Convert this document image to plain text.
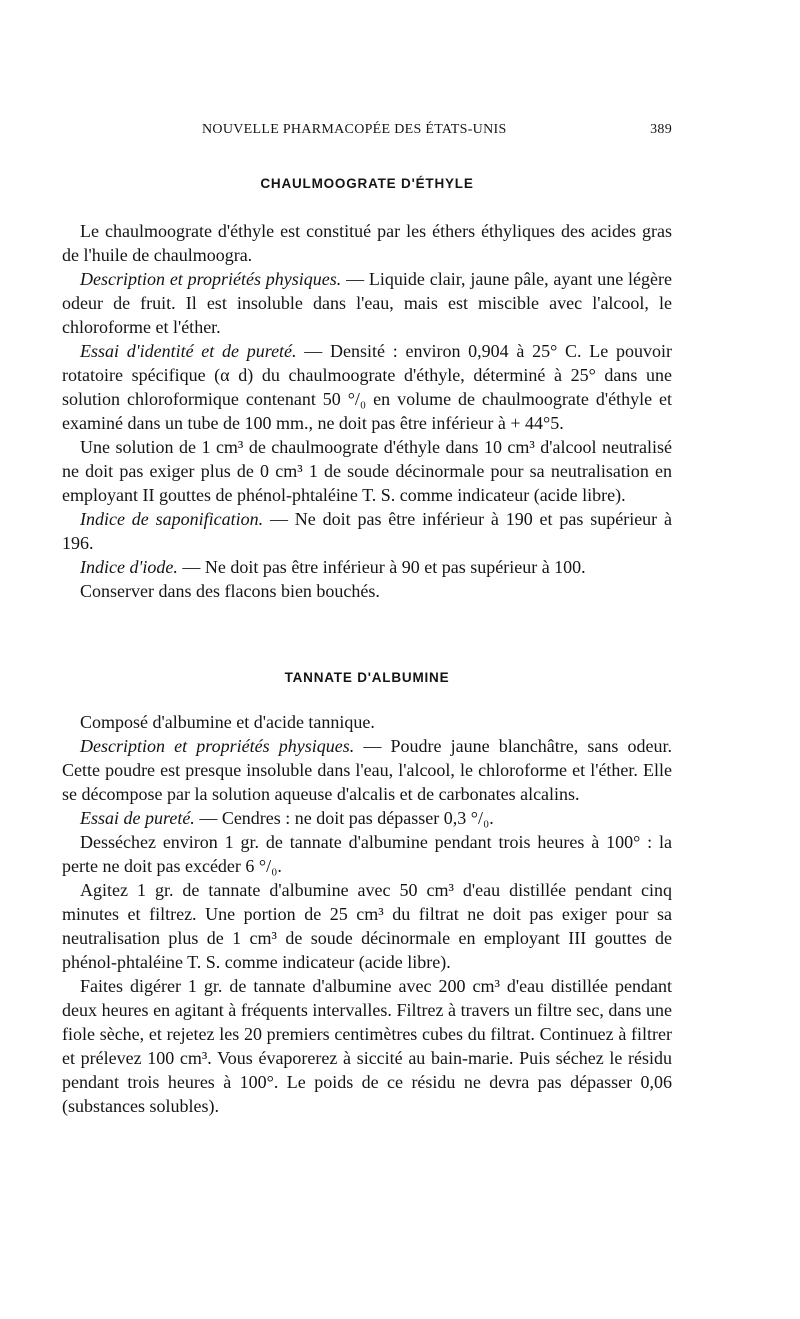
NOUVELLE PHARMACOPÉE DES ÉTATS-UNIS	389
CHAULMOOGRATE D'ÉTHYLE

Le chaulmoograte d'éthyle est constitué par les éthers éthyliques des acides gras de l'huile de chaulmoogra.

Description et propriétés physiques. — Liquide clair, jaune pâle, ayant une légère odeur de fruit. Il est insoluble dans l'eau, mais est miscible avec l'alcool, le chloroforme et l'éther.

Essai d'identité et de pureté. — Densité : environ 0,904 à 25° C. Le pouvoir rotatoire spécifique (α d) du chaulmoograte d'éthyle, déterminé à 25° dans une solution chloroformique contenant 50 °/₀ en volume de chaulmoograte d'éthyle et examiné dans un tube de 100 mm., ne doit pas être inférieur à + 44°5.

Une solution de 1 cm³ de chaulmoograte d'éthyle dans 10 cm³ d'alcool neutralisé ne doit pas exiger plus de 0 cm³ 1 de soude décinormale pour sa neutralisation en employant II gouttes de phénol-phtaléine T. S. comme indicateur (acide libre).

Indice de saponification. — Ne doit pas être inférieur à 190 et pas supérieur à 196.

Indice d'iode. — Ne doit pas être inférieur à 90 et pas supérieur à 100.

Conserver dans des flacons bien bouchés.

TANNATE D'ALBUMINE

Composé d'albumine et d'acide tannique.

Description et propriétés physiques. — Poudre jaune blanchâtre, sans odeur. Cette poudre est presque insoluble dans l'eau, l'alcool, le chloroforme et l'éther. Elle se décompose par la solution aqueuse d'alcalis et de carbonates alcalins.

Essai de pureté. — Cendres : ne doit pas dépasser 0,3 °/₀.

Desséchez environ 1 gr. de tannate d'albumine pendant trois heures à 100° : la perte ne doit pas excéder 6 °/₀.

Agitez 1 gr. de tannate d'albumine avec 50 cm³ d'eau distillée pendant cinq minutes et filtrez. Une portion de 25 cm³ du filtrat ne doit pas exiger pour sa neutralisation plus de 1 cm³ de soude décinormale en employant III gouttes de phénol-phtaléine T. S. comme indicateur (acide libre).

Faites digérer 1 gr. de tannate d'albumine avec 200 cm³ d'eau distillée pendant deux heures en agitant à fréquents intervalles. Filtrez à travers un filtre sec, dans une fiole sèche, et rejetez les 20 premiers centimètres cubes du filtrat. Continuez à filtrer et prélevez 100 cm³. Vous évaporerez à siccité au bain-marie. Puis séchez le résidu pendant trois heures à 100°. Le poids de ce résidu ne devra pas dépasser 0,06 (substances solubles).
